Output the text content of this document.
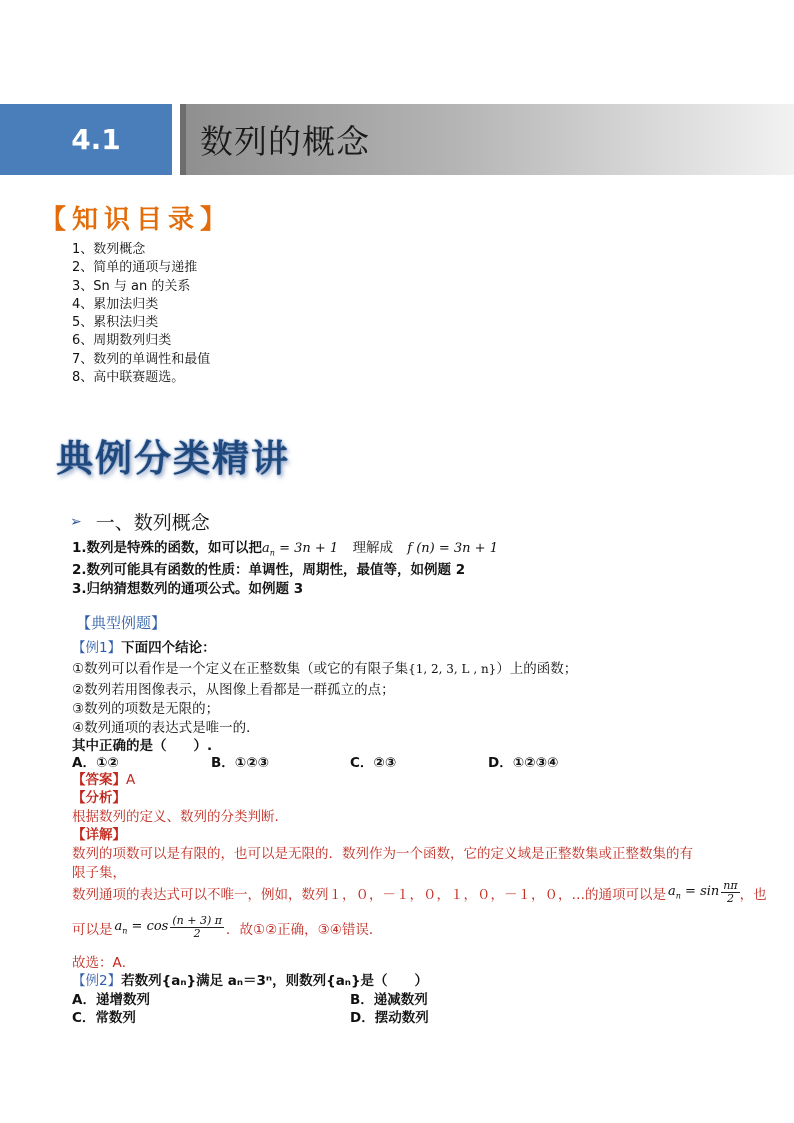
4.1 数列的概念
【知识目录】
1、数列概念
2、简单的通项与递推
3、Sn 与 an 的关系
4、累加法归类
5、累积法归类
6、周期数列归类
7、数列的单调性和最值
8、高中联赛题选。
典例分类精讲
➢ 一、数列概念
1.数列是特殊的函数，如可以把$a_n = 3n + 1$ 理解成 f (n) = 3n + 1
2.数列可能具有函数的性质：单调性，周期性，最值等，如例题 2
3.归纳猜想数列的通项公式。如例题 3
【典型例题】
【例1】下面四个结论：
①数列可以看作是一个定义在正整数集（或它的有限子集{1, 2, 3, L , n}）上的函数；
②数列若用图像表示，从图像上看都是一群孤立的点；
③数列的项数是无限的；
④数列通项的表达式是唯一的．
其中正确的是（　　）.
A．①②	B．①②③	C．②③	D．①②③④
【答案】A
【分析】
根据数列的定义、数列的分类判断．
【详解】
数列的项数可以是有限的，也可以是无限的．数列作为一个函数，它的定义域是正整数集或正整数集的有
限子集，
数列通项的表达式可以不唯一，例如，数列１，０，－１，０，１，０，－１，０，…的通项可以是 $a_n = \sin \frac{n\pi}{2}$ ，也
可以是 $a_n = \cos \frac{(n + 3) \pi}{2}$ ．故①②正确，③④错误．
故选：A．
【例2】若数列{aₙ}满足 aₙ＝3ⁿ，则数列{aₙ}是（　　）
A．递增数列	B．递减数列
C．常数列	D．摆动数列
